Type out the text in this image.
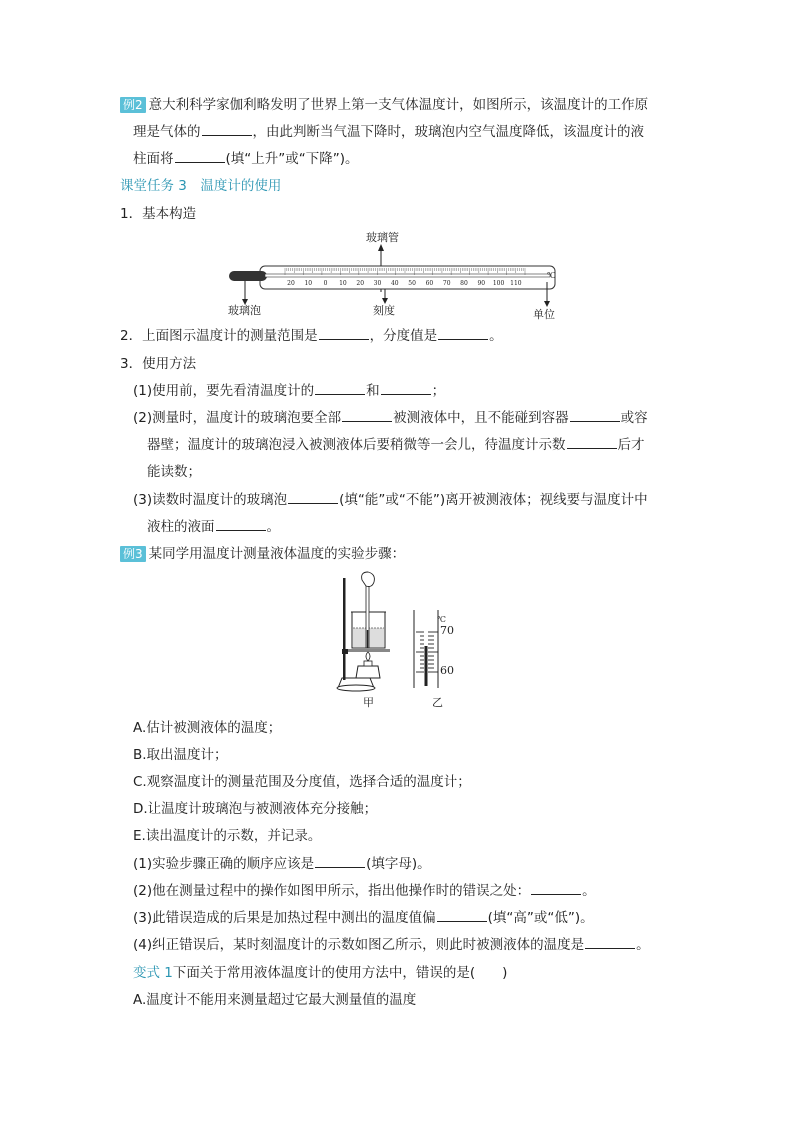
例2 意大利科学家伽利略发明了世界上第一支气体温度计，如图所示，该温度计的工作原
理是气体的	，由此判断当气温下降时，玻璃泡内空气温度降低，该温度计的液
柱面将	(填“上升”或“下降”)。
课堂任务 3　温度计的使用
1．基本构造
玻璃管
20 10 0 10 20 30 40 50 60 70 80 90 100 110
℃
玻璃泡	刻度	单位
2．上面图示温度计的测量范围是	，分度值是	。
3．使用方法
(1)使用前，要先看清温度计的	和	；
(2)测量时，温度计的玻璃泡要全部	被测液体中，且不能碰到容器	或容
器壁；温度计的玻璃泡浸入被测液体后要稍微等一会儿，待温度计示数	后才
能读数；
(3)读数时温度计的玻璃泡	(填“能”或“不能”)离开被测液体；视线要与温度计中
液柱的液面	。
例3 某同学用温度计测量液体温度的实验步骤：
甲
℃
70
60
乙
A.估计被测液体的温度；
B.取出温度计；
C.观察温度计的测量范围及分度值，选择合适的温度计；
D.让温度计玻璃泡与被测液体充分接触；
E.读出温度计的示数，并记录。
(1)实验步骤正确的顺序应该是	(填字母)。
(2)他在测量过程中的操作如图甲所示，指出他操作时的错误之处：	。
(3)此错误造成的后果是加热过程中测出的温度值偏	(填“高”或“低”)。
(4)纠正错误后，某时刻温度计的示数如图乙所示，则此时被测液体的温度是	。
变式 1下面关于常用液体温度计的使用方法中，错误的是(　　)
A.温度计不能用来测量超过它最大测量值的温度
